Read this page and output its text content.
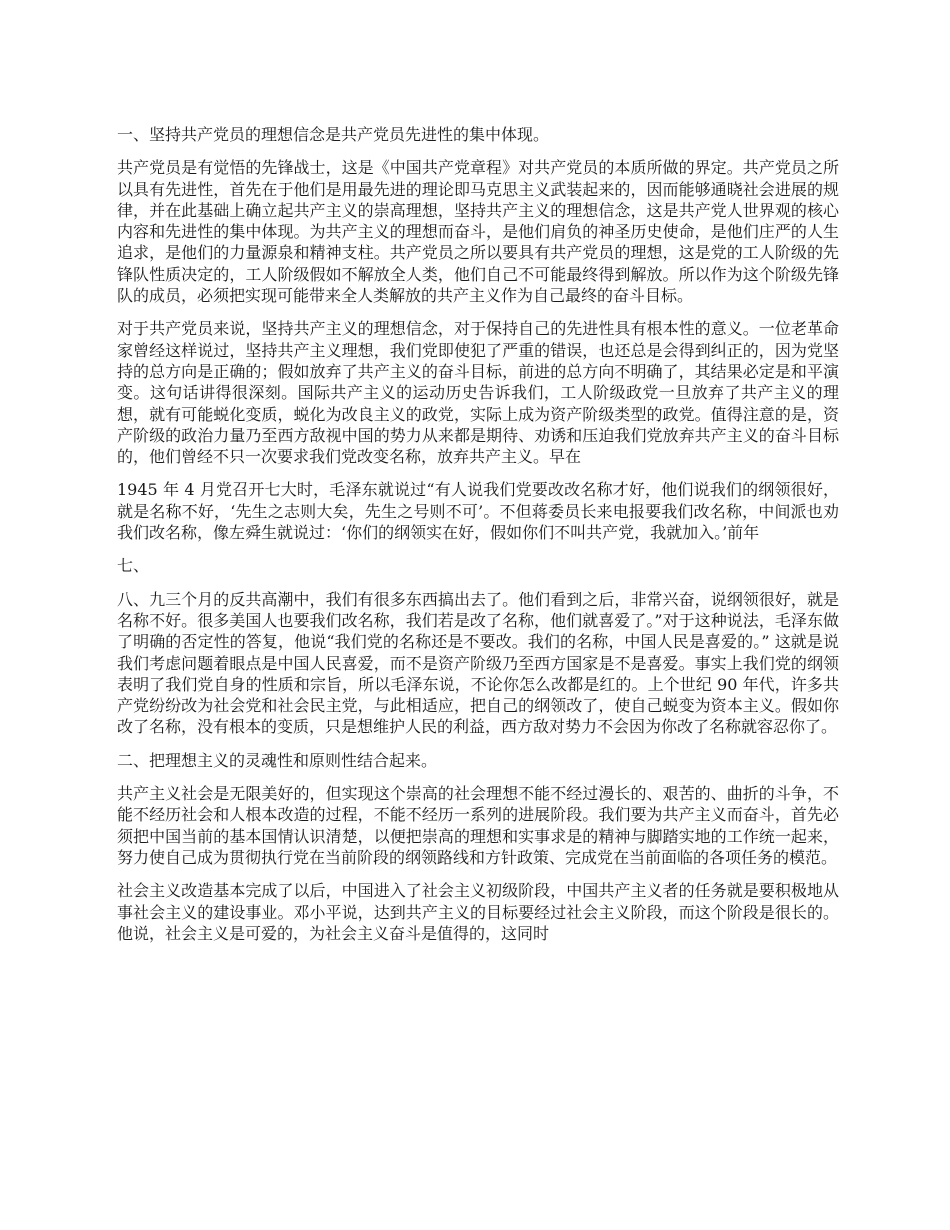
一、坚持共产党员的理想信念是共产党员先进性的集中体现。

共产党员是有觉悟的先锋战士，这是《中国共产党章程》对共产党员的本质所做的界定。共产党员之所以具有先进性，首先在于他们是用最先进的理论即马克思主义武装起来的，因而能够通晓社会进展的规律，并在此基础上确立起共产主义的崇高理想，坚持共产主义的理想信念，这是共产党人世界观的核心内容和先进性的集中体现。为共产主义的理想而奋斗，是他们肩负的神圣历史使命，是他们庄严的人生追求，是他们的力量源泉和精神支柱。共产党员之所以要具有共产党员的理想，这是党的工人阶级的先锋队性质决定的，工人阶级假如不解放全人类，他们自己不可能最终得到解放。所以作为这个阶级先锋队的成员，必须把实现可能带来全人类解放的共产主义作为自己最终的奋斗目标。

对于共产党员来说，坚持共产主义的理想信念，对于保持自己的先进性具有根本性的意义。一位老革命家曾经这样说过，坚持共产主义理想，我们党即使犯了严重的错误，也还总是会得到纠正的，因为党坚持的总方向是正确的；假如放弃了共产主义的奋斗目标，前进的总方向不明确了，其结果必定是和平演变。这句话讲得很深刻。国际共产主义的运动历史告诉我们，工人阶级政党一旦放弃了共产主义的理想，就有可能蜕化变质，蜕化为改良主义的政党，实际上成为资产阶级类型的政党。值得注意的是，资产阶级的政治力量乃至西方敌视中国的势力从来都是期待、劝诱和压迫我们党放弃共产主义的奋斗目标的，他们曾经不只一次要求我们党改变名称，放弃共产主义。早在

1945 年 4 月党召开七大时，毛泽东就说过“有人说我们党要改改名称才好，他们说我们的纲领很好，就是名称不好，‘先生之志则大矣，先生之号则不可’。不但蒋委员长来电报要我们改名称，中间派也劝我们改名称，像左舜生就说过：‘你们的纲领实在好，假如你们不叫共产党，我就加入。’前年

七、

八、九三个月的反共高潮中，我们有很多东西搞出去了。他们看到之后，非常兴奋，说纲领很好，就是名称不好。很多美国人也要我们改名称，我们若是改了名称，他们就喜爱了。”对于这种说法，毛泽东做了明确的否定性的答复，他说“我们党的名称还是不要改。我们的名称，中国人民是喜爱的。” 这就是说我们考虑问题着眼点是中国人民喜爱，而不是资产阶级乃至西方国家是不是喜爱。事实上我们党的纲领表明了我们党自身的性质和宗旨，所以毛泽东说，不论你怎么改都是红的。上个世纪 90 年代，许多共产党纷纷改为社会党和社会民主党，与此相适应，把自己的纲领改了，使自己蜕变为资本主义。假如你改了名称，没有根本的变质，只是想维护人民的利益，西方敌对势力不会因为你改了名称就容忍你了。

二、把理想主义的灵魂性和原则性结合起来。

共产主义社会是无限美好的，但实现这个崇高的社会理想不能不经过漫长的、艰苦的、曲折的斗争，不能不经历社会和人根本改造的过程，不能不经历一系列的进展阶段。我们要为共产主义而奋斗，首先必须把中国当前的基本国情认识清楚，以便把崇高的理想和实事求是的精神与脚踏实地的工作统一起来，努力使自己成为贯彻执行党在当前阶段的纲领路线和方针政策、完成党在当前面临的各项任务的模范。

社会主义改造基本完成了以后，中国进入了社会主义初级阶段，中国共产主义者的任务就是要积极地从事社会主义的建设事业。邓小平说，达到共产主义的目标要经过社会主义阶段，而这个阶段是很长的。他说，社会主义是可爱的，为社会主义奋斗是值得的，这同时
